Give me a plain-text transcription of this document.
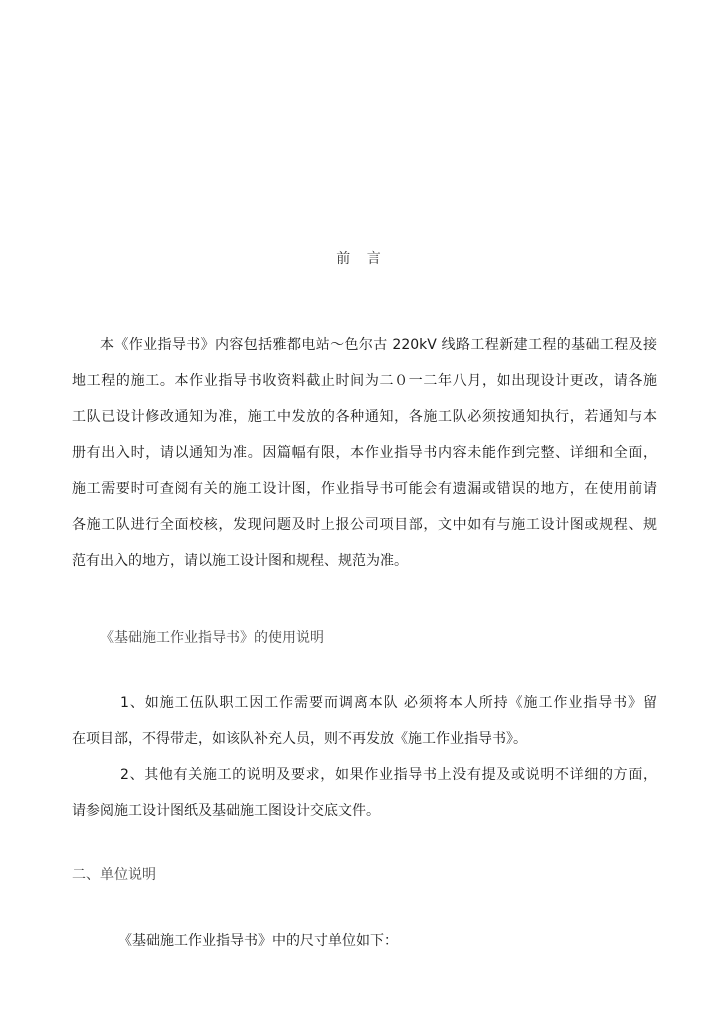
前 言
本《作业指导书》内容包括雅都电站～色尔古 220kV 线路工程新建工程的基础工程及接
地工程的施工。本作业指导书收资料截止时间为二０一二年八月，如出现设计更改，请各施
工队已设计修改通知为准，施工中发放的各种通知，各施工队必须按通知执行，若通知与本
册有出入时，请以通知为准。因篇幅有限，本作业指导书内容未能作到完整、详细和全面，
施工需要时可查阅有关的施工设计图，作业指导书可能会有遗漏或错误的地方，在使用前请
各施工队进行全面校核，发现问题及时上报公司项目部，文中如有与施工设计图或规程、规
范有出入的地方，请以施工设计图和规程、规范为准。
《基础施工作业指导书》的使用说明
1、如施工伍队职工因工作需要而调离本队 必须将本人所持《施工作业指导书》留
在项目部，不得带走，如该队补充人员，则不再发放《施工作业指导书》。
2、其他有关施工的说明及要求，如果作业指导书上没有提及或说明不详细的方面，
请参阅施工设计图纸及基础施工图设计交底文件。
二、单位说明
《基础施工作业指导书》中的尺寸单位如下：
